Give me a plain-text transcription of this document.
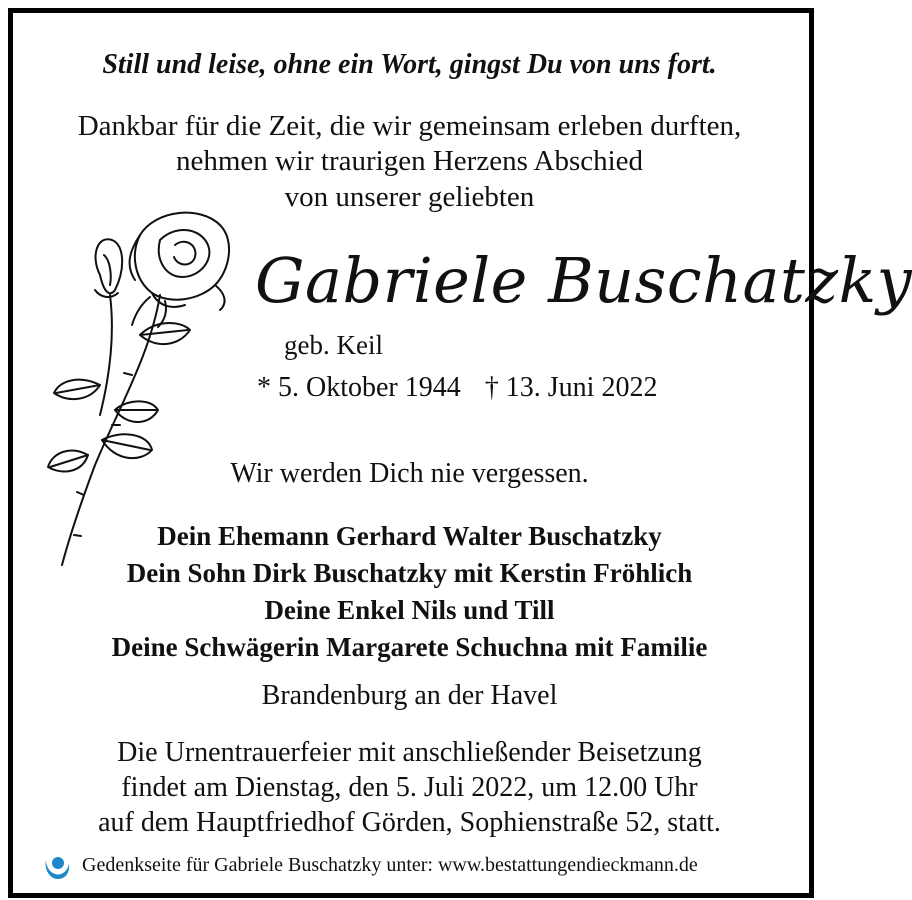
Still und leise, ohne ein Wort, gingst Du von uns fort.
Dankbar für die Zeit, die wir gemeinsam erleben durften,
nehmen wir traurigen Herzens Abschied
von unserer geliebten
Gabriele Buschatzky
geb. Keil
* 5. Oktober 1944 † 13. Juni 2022
Wir werden Dich nie vergessen.
Dein Ehemann Gerhard Walter Buschatzky
Dein Sohn Dirk Buschatzky mit Kerstin Fröhlich
Deine Enkel Nils und Till
Deine Schwägerin Margarete Schuchna mit Familie
Brandenburg an der Havel
Die Urnentrauerfeier mit anschließender Beisetzung
findet am Dienstag, den 5. Juli 2022, um 12.00 Uhr
auf dem Hauptfriedhof Görden, Sophienstraße 52, statt.
Gedenkseite für Gabriele Buschatzky unter: www.bestattungendieckmann.de
